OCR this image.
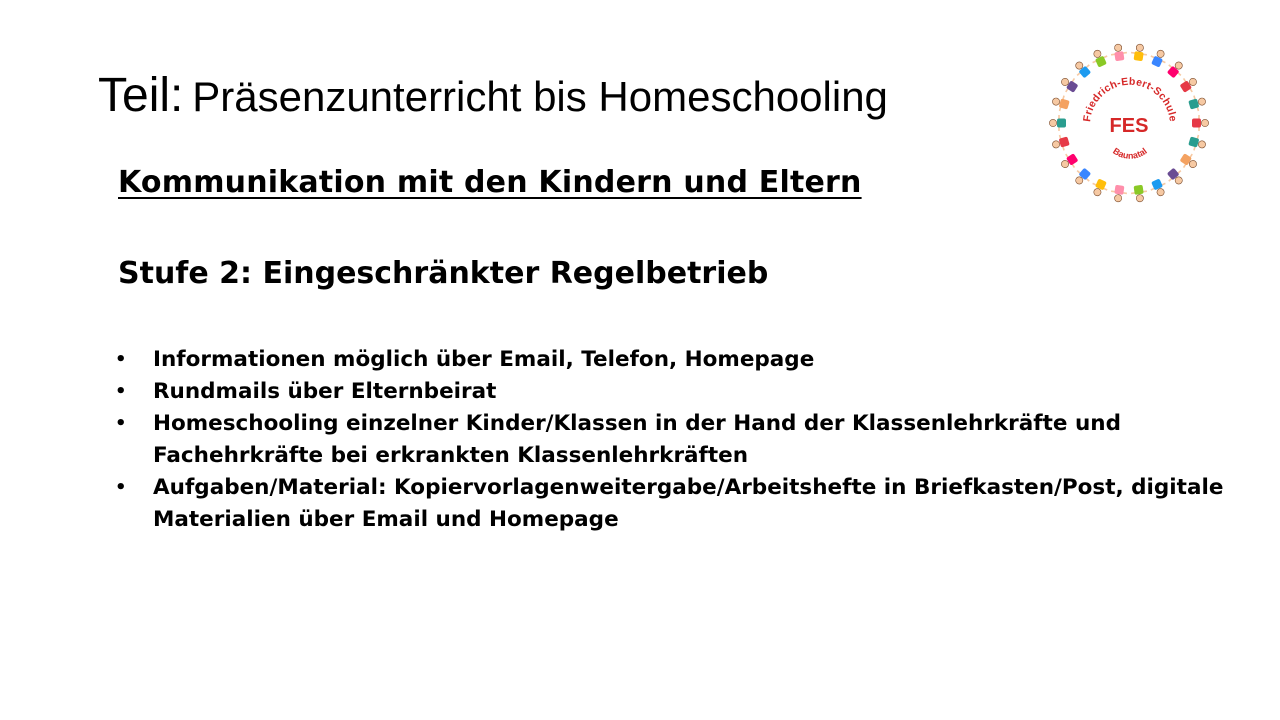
Teil: Präsenzunterricht bis Homeschooling	Friedrich-Ebert-Schule
FES
Baunatal
Kommunikation mit den Kindern und Eltern
Stufe 2: Eingeschränkter Regelbetrieb
• Informationen möglich über Email, Telefon, Homepage
• Rundmails über Elternbeirat
• Homeschooling einzelner Kinder/Klassen in der Hand der Klassenlehrkräfte und Fachehrkräfte bei erkrankten Klassenlehrkräften
• Aufgaben/Material: Kopiervorlagenweitergabe/Arbeitshefte in Briefkasten/Post, digitale Materialien über Email und Homepage
